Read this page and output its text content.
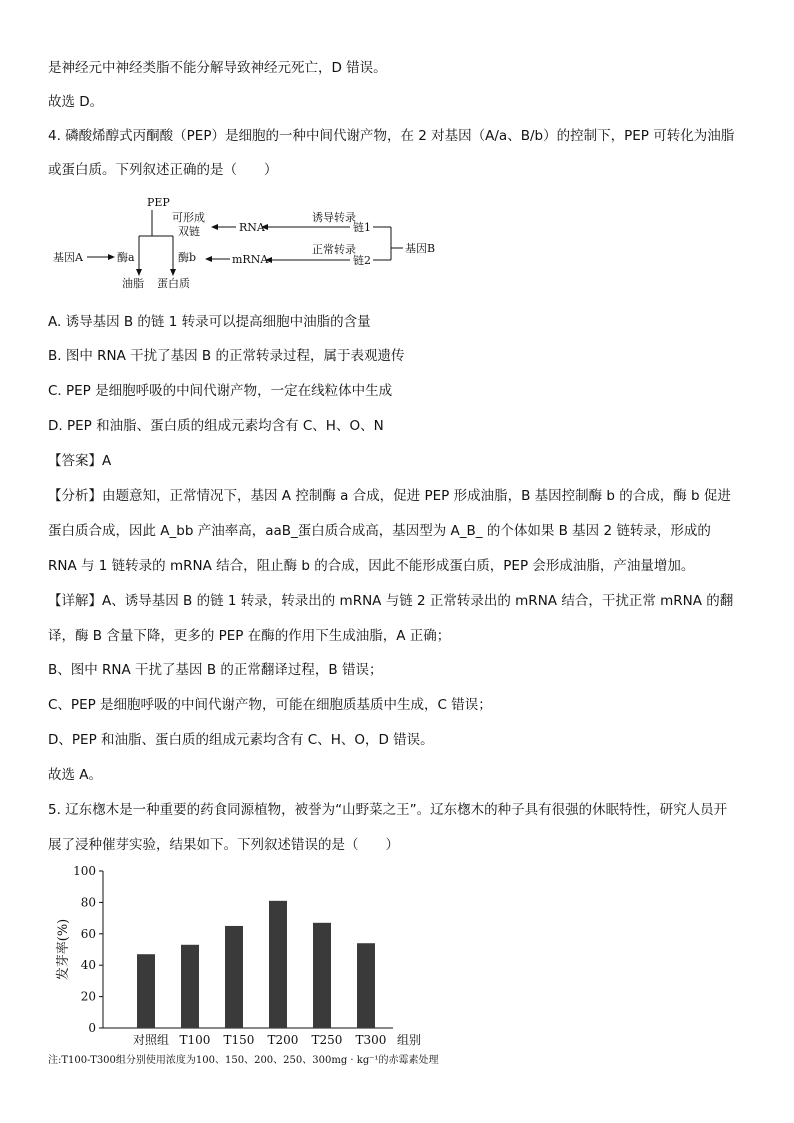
是神经元中神经类脂不能分解导致神经元死亡，D 错误。
故选 D。
4. 磷酸烯醇式丙酮酸（PEP）是细胞的一种中间代谢产物，在 2 对基因（A/a、B/b）的控制下，PEP 可转化为油脂
或蛋白质。下列叙述正确的是（　　）
PEP
可形成
双链	RNA
诱导转录
链1
正常转录
链2
mRNA
基因A	酶a	酶b
基因B
油脂 蛋白质
A. 诱导基因 B 的链 1 转录可以提高细胞中油脂的含量
B. 图中 RNA 干扰了基因 B 的正常转录过程，属于表观遗传
C. PEP 是细胞呼吸的中间代谢产物，一定在线粒体中生成
D. PEP 和油脂、蛋白质的组成元素均含有 C、H、O、N
【答案】A
【分析】由题意知，正常情况下，基因 A 控制酶 a 合成，促进 PEP 形成油脂，B 基因控制酶 b 的合成，酶 b 促进
蛋白质合成，因此 A_bb 产油率高，aaB_蛋白质合成高，基因型为 A_B_ 的个体如果 B 基因 2 链转录，形成的
RNA 与 1 链转录的 mRNA 结合，阻止酶 b 的合成，因此不能形成蛋白质，PEP 会形成油脂，产油量增加。
【详解】A、诱导基因 B 的链 1 转录，转录出的 mRNA 与链 2 正常转录出的 mRNA 结合，干扰正常 mRNA 的翻
译，酶 B 含量下降，更多的 PEP 在酶的作用下生成油脂，A 正确；
B、图中 RNA 干扰了基因 B 的正常翻译过程，B 错误；
C、PEP 是细胞呼吸的中间代谢产物，可能在细胞质基质中生成，C 错误；
D、PEP 和油脂、蛋白质的组成元素均含有 C、H、O，D 错误。
故选 A。
5. 辽东楤木是一种重要的药食同源植物，被誉为“山野菜之王”。辽东楤木的种子具有很强的休眠特性，研究人员开
展了浸种催芽实验，结果如下。下列叙述错误的是（　　）
0
20
40
60
80
100
发芽率(%)
对照组 T100 T150 T200 T250 T300 组别
注:T100-T300组分别使用浓度为100、150、200、250、300mg · kg⁻¹的赤霉素处理
